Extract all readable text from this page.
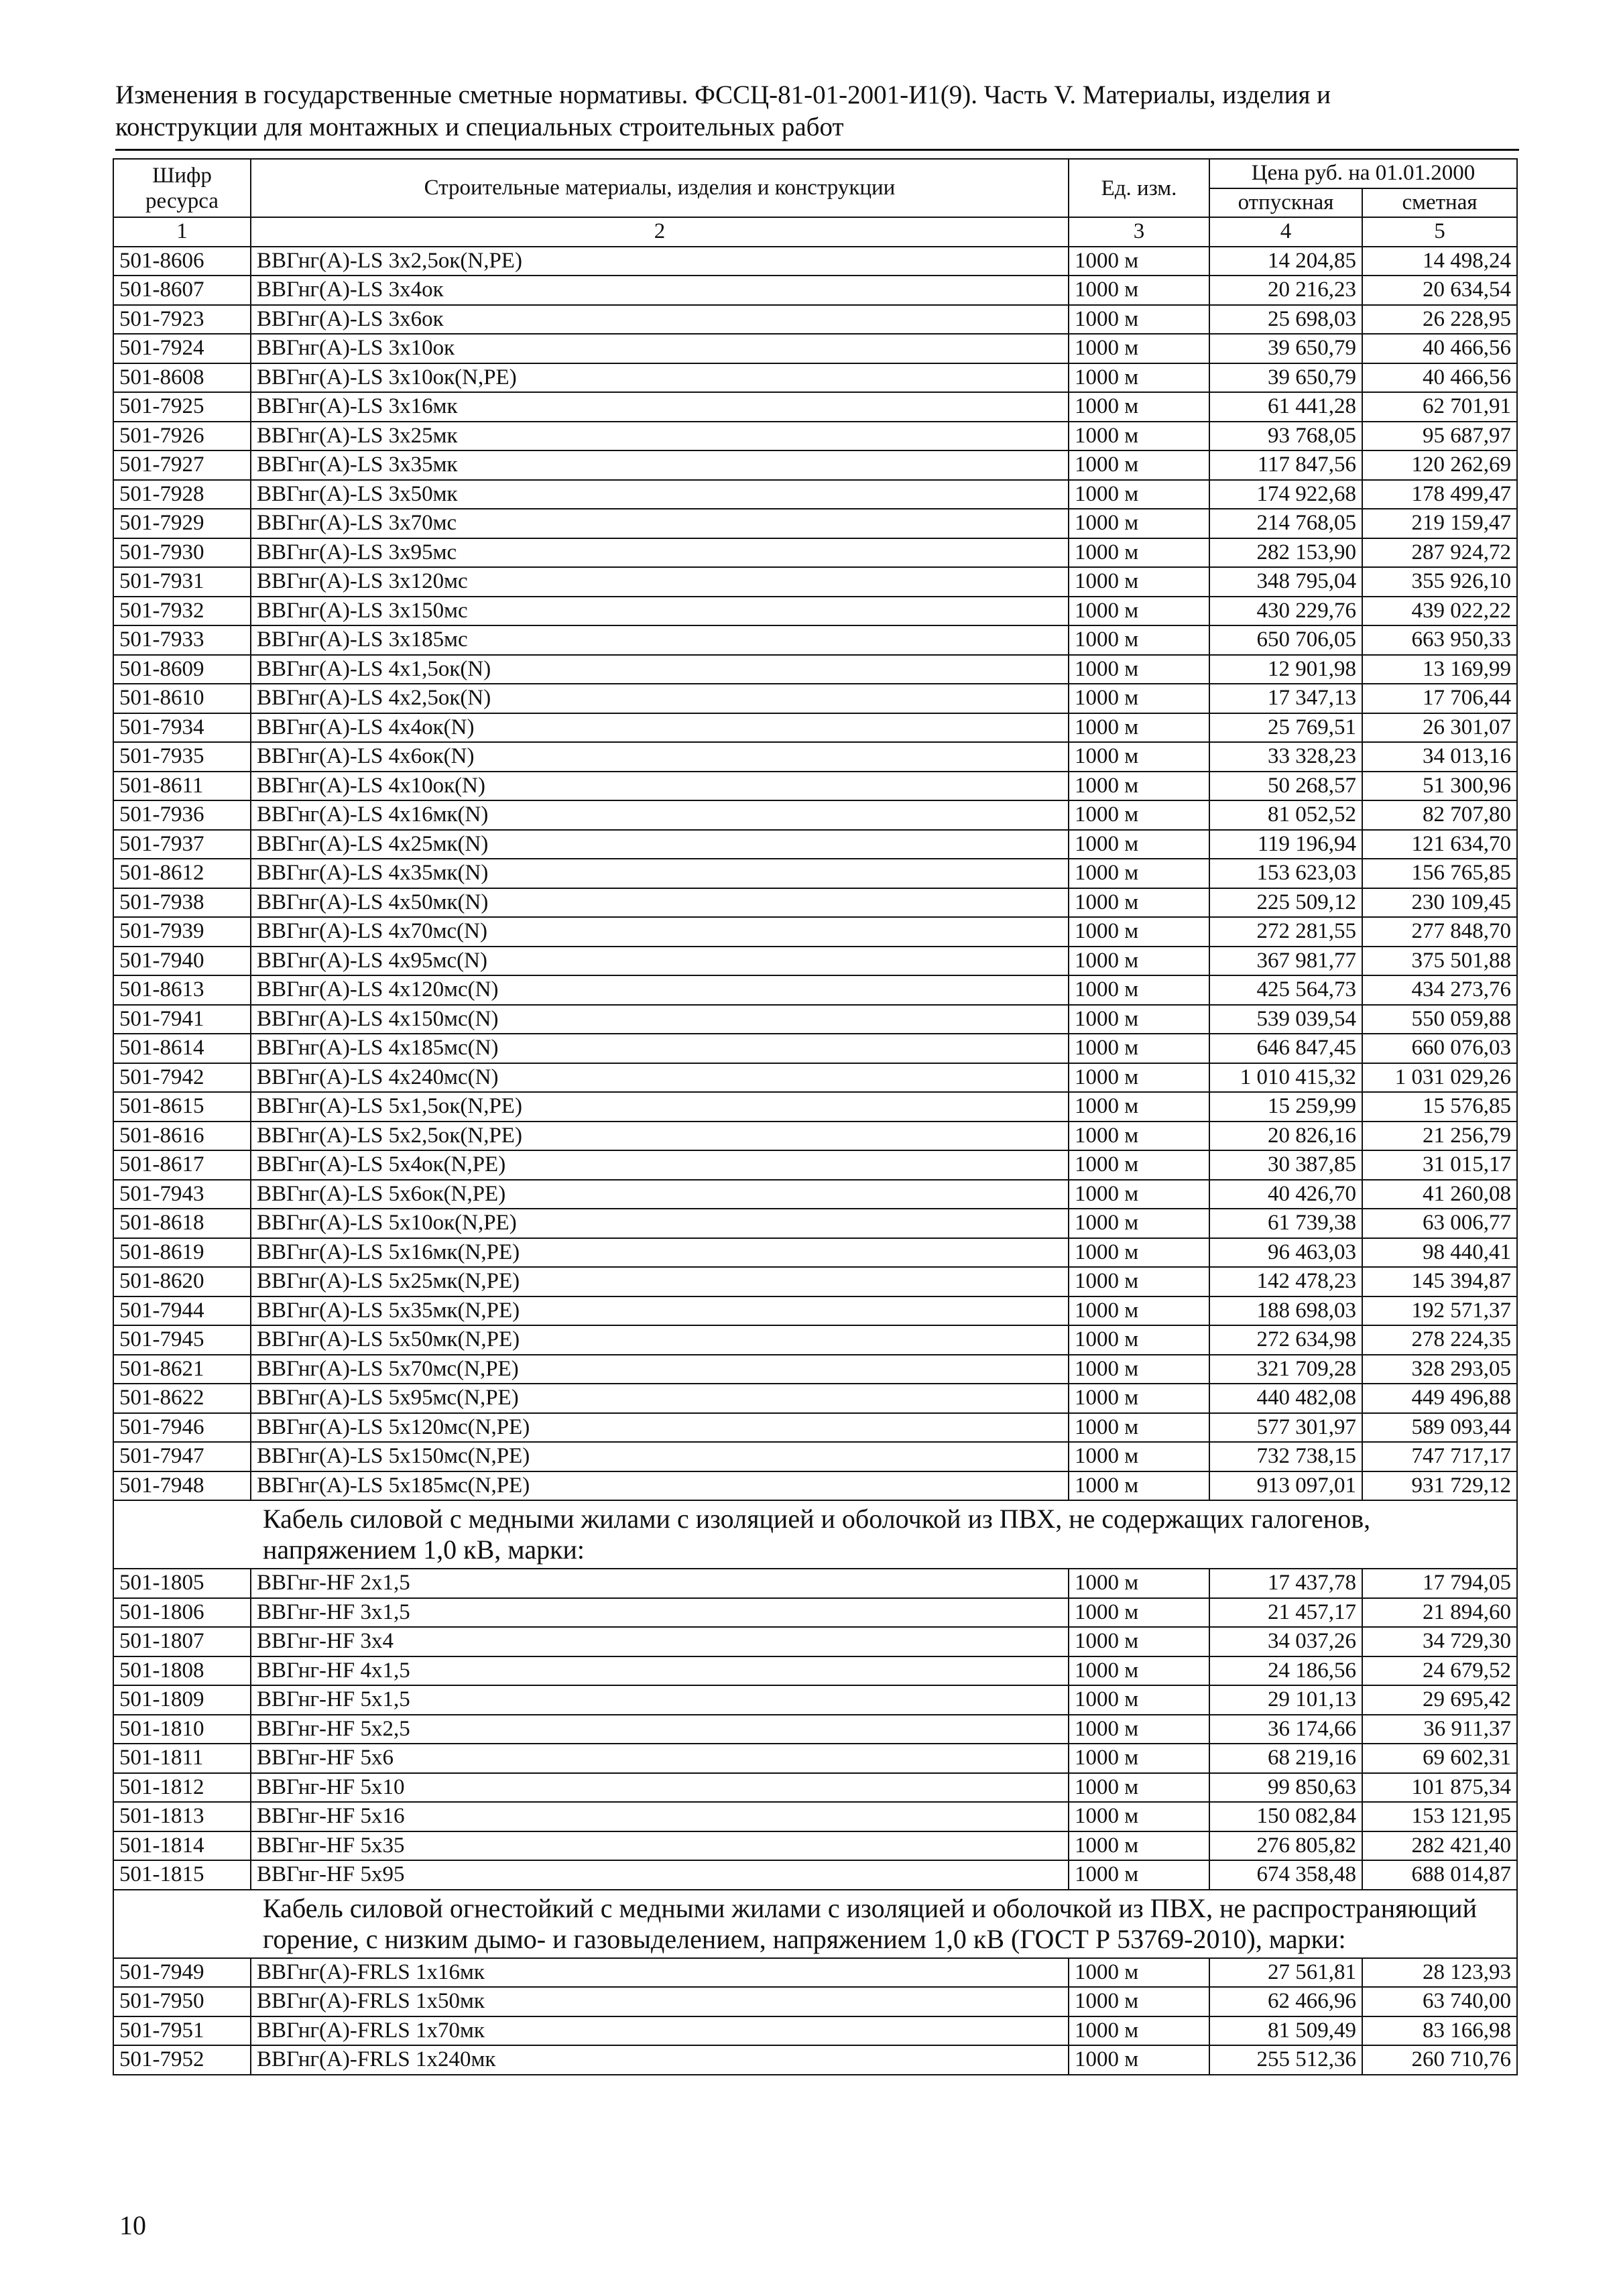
Изменения в государственные сметные нормативы. ФССЦ-81-01-2001-И1(9). Часть V. Материалы, изделия и
конструкции для монтажных и специальных строительных работ
Шифр ресурса	Строительные материалы, изделия и конструкции	Ед. изм.	Цена руб. на 01.01.2000	
			отпускная	сметная
1	2	3	4	5
501-8606	ВВГнг(А)-LS 3х2,5ок(N,PE)	1000 м	14 204,85	14 498,24
501-8607	ВВГнг(А)-LS 3х4ок	1000 м	20 216,23	20 634,54
501-7923	ВВГнг(А)-LS 3х6ок	1000 м	25 698,03	26 228,95
501-7924	ВВГнг(А)-LS 3х10ок	1000 м	39 650,79	40 466,56
501-8608	ВВГнг(А)-LS 3х10ок(N,PE)	1000 м	39 650,79	40 466,56
501-7925	ВВГнг(А)-LS 3х16мк	1000 м	61 441,28	62 701,91
501-7926	ВВГнг(А)-LS 3х25мк	1000 м	93 768,05	95 687,97
501-7927	ВВГнг(А)-LS 3х35мк	1000 м	117 847,56	120 262,69
501-7928	ВВГнг(А)-LS 3х50мк	1000 м	174 922,68	178 499,47
501-7929	ВВГнг(А)-LS 3х70мс	1000 м	214 768,05	219 159,47
501-7930	ВВГнг(А)-LS 3х95мс	1000 м	282 153,90	287 924,72
501-7931	ВВГнг(А)-LS 3х120мс	1000 м	348 795,04	355 926,10
501-7932	ВВГнг(А)-LS 3х150мс	1000 м	430 229,76	439 022,22
501-7933	ВВГнг(А)-LS 3х185мс	1000 м	650 706,05	663 950,33
501-8609	ВВГнг(А)-LS 4х1,5ок(N)	1000 м	12 901,98	13 169,99
501-8610	ВВГнг(А)-LS 4х2,5ок(N)	1000 м	17 347,13	17 706,44
501-7934	ВВГнг(А)-LS 4х4ок(N)	1000 м	25 769,51	26 301,07
501-7935	ВВГнг(А)-LS 4х6ок(N)	1000 м	33 328,23	34 013,16
501-8611	ВВГнг(А)-LS 4х10ок(N)	1000 м	50 268,57	51 300,96
501-7936	ВВГнг(А)-LS 4х16мк(N)	1000 м	81 052,52	82 707,80
501-7937	ВВГнг(А)-LS 4х25мк(N)	1000 м	119 196,94	121 634,70
501-8612	ВВГнг(А)-LS 4х35мк(N)	1000 м	153 623,03	156 765,85
501-7938	ВВГнг(А)-LS 4х50мк(N)	1000 м	225 509,12	230 109,45
501-7939	ВВГнг(А)-LS 4х70мс(N)	1000 м	272 281,55	277 848,70
501-7940	ВВГнг(А)-LS 4х95мс(N)	1000 м	367 981,77	375 501,88
501-8613	ВВГнг(А)-LS 4х120мс(N)	1000 м	425 564,73	434 273,76
501-7941	ВВГнг(А)-LS 4х150мс(N)	1000 м	539 039,54	550 059,88
501-8614	ВВГнг(А)-LS 4х185мс(N)	1000 м	646 847,45	660 076,03
501-7942	ВВГнг(А)-LS 4х240мс(N)	1000 м	1 010 415,32	1 031 029,26
501-8615	ВВГнг(А)-LS 5х1,5ок(N,PE)	1000 м	15 259,99	15 576,85
501-8616	ВВГнг(А)-LS 5х2,5ок(N,PE)	1000 м	20 826,16	21 256,79
501-8617	ВВГнг(А)-LS 5х4ок(N,PE)	1000 м	30 387,85	31 015,17
501-7943	ВВГнг(А)-LS 5х6ок(N,PE)	1000 м	40 426,70	41 260,08
501-8618	ВВГнг(А)-LS 5х10ок(N,PE)	1000 м	61 739,38	63 006,77
501-8619	ВВГнг(А)-LS 5х16мк(N,PE)	1000 м	96 463,03	98 440,41
501-8620	ВВГнг(А)-LS 5х25мк(N,PE)	1000 м	142 478,23	145 394,87
501-7944	ВВГнг(А)-LS 5х35мк(N,PE)	1000 м	188 698,03	192 571,37
501-7945	ВВГнг(А)-LS 5х50мк(N,PE)	1000 м	272 634,98	278 224,35
501-8621	ВВГнг(А)-LS 5х70мс(N,PE)	1000 м	321 709,28	328 293,05
501-8622	ВВГнг(А)-LS 5х95мс(N,PE)	1000 м	440 482,08	449 496,88
501-7946	ВВГнг(А)-LS 5х120мс(N,PE)	1000 м	577 301,97	589 093,44
501-7947	ВВГнг(А)-LS 5х150мс(N,PE)	1000 м	732 738,15	747 717,17
501-7948	ВВГнг(А)-LS 5х185мс(N,PE)	1000 м	913 097,01	931 729,12
Кабель силовой с медными жилами с изоляцией и оболочкой из ПВХ, не содержащих галогенов, напряжением 1,0 кВ, марки:				
501-1805	ВВГнг-HF 2х1,5	1000 м	17 437,78	17 794,05
501-1806	ВВГнг-HF 3х1,5	1000 м	21 457,17	21 894,60
501-1807	ВВГнг-HF 3х4	1000 м	34 037,26	34 729,30
501-1808	ВВГнг-HF 4х1,5	1000 м	24 186,56	24 679,52
501-1809	ВВГнг-HF 5х1,5	1000 м	29 101,13	29 695,42
501-1810	ВВГнг-HF 5х2,5	1000 м	36 174,66	36 911,37
501-1811	ВВГнг-HF 5х6	1000 м	68 219,16	69 602,31
501-1812	ВВГнг-HF 5х10	1000 м	99 850,63	101 875,34
501-1813	ВВГнг-HF 5х16	1000 м	150 082,84	153 121,95
501-1814	ВВГнг-HF 5х35	1000 м	276 805,82	282 421,40
501-1815	ВВГнг-HF 5х95	1000 м	674 358,48	688 014,87
Кабель силовой огнестойкий с медными жилами с изоляцией и оболочкой из ПВХ, не распространяющий горение, с низким дымо- и газовыделением, напряжением 1,0 кВ (ГОСТ Р 53769-2010), марки:				
501-7949	ВВГнг(А)-FRLS 1х16мк	1000 м	27 561,81	28 123,93
501-7950	ВВГнг(А)-FRLS 1х50мк	1000 м	62 466,96	63 740,00
501-7951	ВВГнг(А)-FRLS 1х70мк	1000 м	81 509,49	83 166,98
501-7952	ВВГнг(А)-FRLS 1х240мк	1000 м	255 512,36	260 710,76
10
